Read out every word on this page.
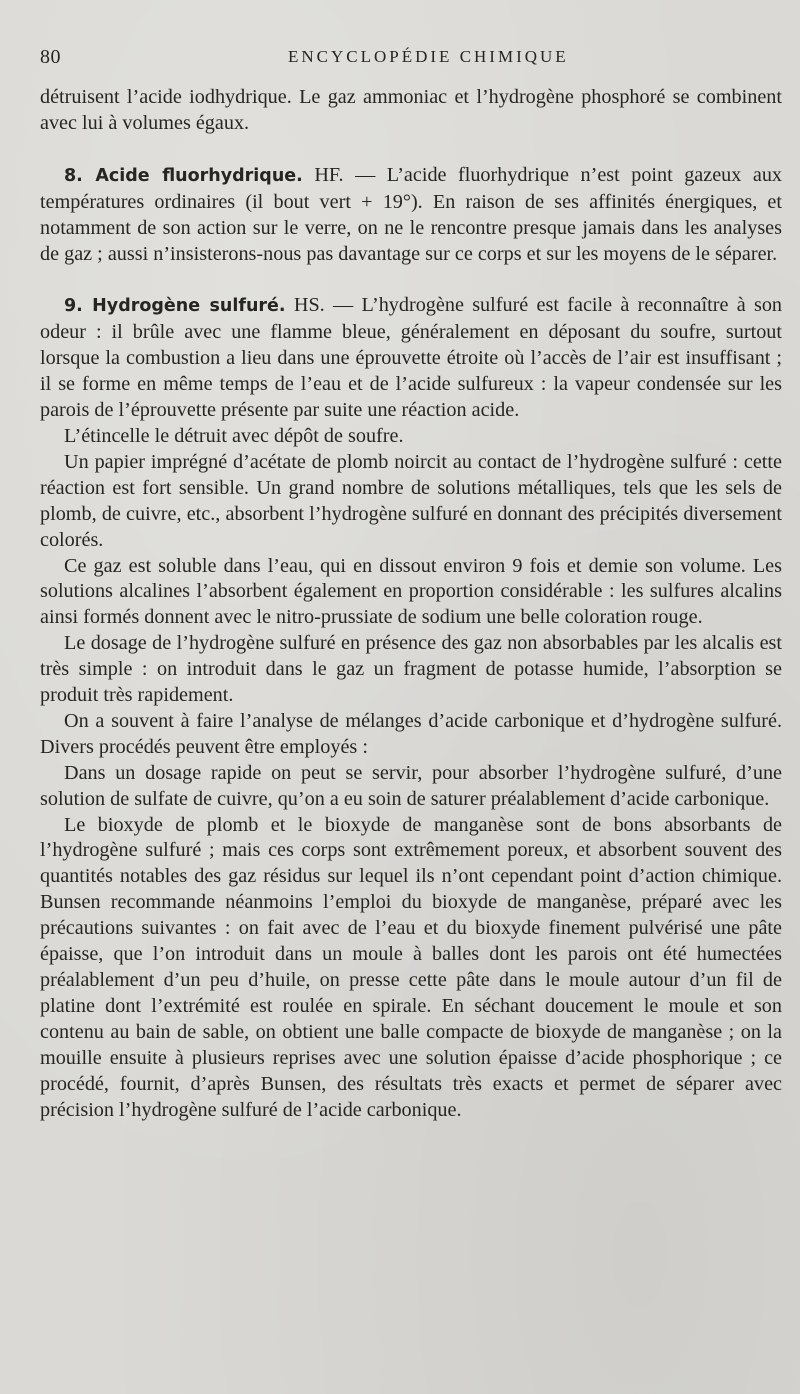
80	ENCYCLOPÉDIE CHIMIQUE

détruisent l’acide iodhydrique. Le gaz ammoniac et l’hydrogène phosphoré se combinent avec lui à volumes égaux.

8. Acide fluorhydrique. HF. — L’acide fluorhydrique n’est point gazeux aux températures ordinaires (il bout vert + 19°). En raison de ses affinités énergiques, et notamment de son action sur le verre, on ne le rencontre presque jamais dans les analyses de gaz ; aussi n’insisterons-nous pas davantage sur ce corps et sur les moyens de le séparer.

9. Hydrogène sulfuré. HS. — L’hydrogène sulfuré est facile à reconnaître à son odeur : il brûle avec une flamme bleue, généralement en déposant du soufre, surtout lorsque la combustion a lieu dans une éprouvette étroite où l’accès de l’air est insuffisant ; il se forme en même temps de l’eau et de l’acide sulfureux : la vapeur condensée sur les parois de l’éprouvette présente par suite une réaction acide.

L’étincelle le détruit avec dépôt de soufre.

Un papier imprégné d’acétate de plomb noircit au contact de l’hydrogène sulfuré : cette réaction est fort sensible. Un grand nombre de solutions métalliques, tels que les sels de plomb, de cuivre, etc., absorbent l’hydrogène sulfuré en donnant des précipités diversement colorés.

Ce gaz est soluble dans l’eau, qui en dissout environ 9 fois et demie son volume. Les solutions alcalines l’absorbent également en proportion considérable : les sulfures alcalins ainsi formés donnent avec le nitro-prussiate de sodium une belle coloration rouge.

Le dosage de l’hydrogène sulfuré en présence des gaz non absorbables par les alcalis est très simple : on introduit dans le gaz un fragment de potasse humide, l’absorption se produit très rapidement.

On a souvent à faire l’analyse de mélanges d’acide carbonique et d’hydrogène sulfuré. Divers procédés peuvent être employés :

Dans un dosage rapide on peut se servir, pour absorber l’hydrogène sulfuré, d’une solution de sulfate de cuivre, qu’on a eu soin de saturer préalablement d’acide carbonique.

Le bioxyde de plomb et le bioxyde de manganèse sont de bons absorbants de l’hydrogène sulfuré ; mais ces corps sont extrêmement poreux, et absorbent souvent des quantités notables des gaz résidus sur lequel ils n’ont cependant point d’action chimique. Bunsen recommande néanmoins l’emploi du bioxyde de manganèse, préparé avec les précautions suivantes : on fait avec de l’eau et du bioxyde finement pulvérisé une pâte épaisse, que l’on introduit dans un moule à balles dont les parois ont été humectées préalablement d’un peu d’huile, on presse cette pâte dans le moule autour d’un fil de platine dont l’extrémité est roulée en spirale. En séchant doucement le moule et son contenu au bain de sable, on obtient une balle compacte de bioxyde de manganèse ; on la mouille ensuite à plusieurs reprises avec une solution épaisse d’acide phosphorique ; ce procédé, fournit, d’après Bunsen, des résultats très exacts et permet de séparer avec précision l’hydrogène sulfuré de l’acide carbonique.
